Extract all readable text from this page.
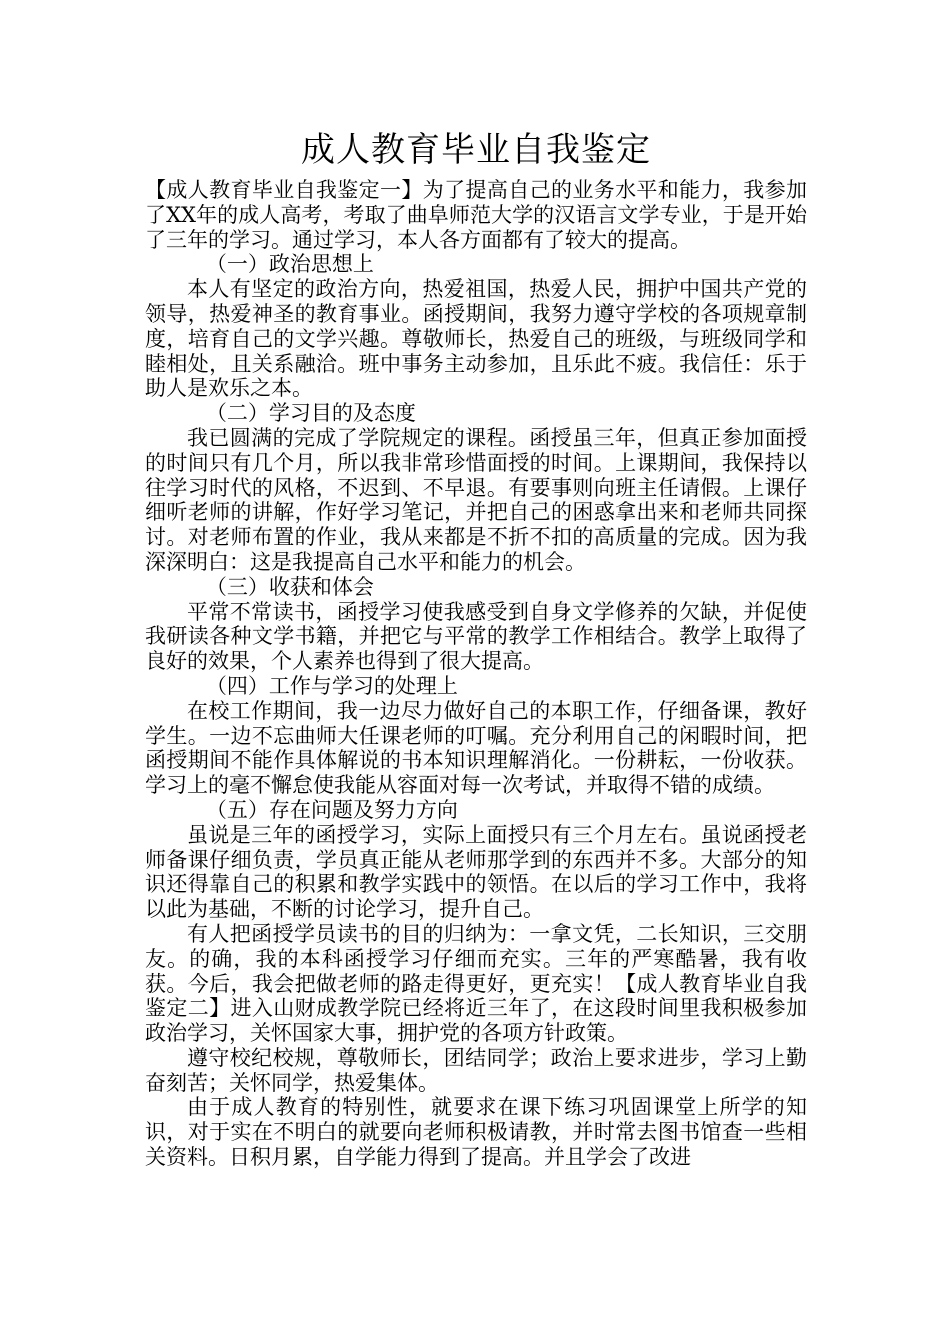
成人教育毕业自我鉴定

【成人教育毕业自我鉴定一】为了提高自己的业务水平和能力，我参加了XX年的成人高考，考取了曲阜师范大学的汉语言文学专业，于是开始了三年的学习。通过学习，本人各方面都有了较大的提高。

（一）政治思想上

本人有坚定的政治方向，热爱祖国，热爱人民，拥护中国共产党的领导，热爱神圣的教育事业。函授期间，我努力遵守学校的各项规章制度，培育自己的文学兴趣。尊敬师长，热爱自己的班级，与班级同学和睦相处，且关系融洽。班中事务主动参加，且乐此不疲。我信任：乐于助人是欢乐之本。

（二）学习目的及态度

我已圆满的完成了学院规定的课程。函授虽三年，但真正参加面授的时间只有几个月，所以我非常珍惜面授的时间。上课期间，我保持以往学习时代的风格，不迟到、不早退。有要事则向班主任请假。上课仔细听老师的讲解，作好学习笔记，并把自己的困惑拿出来和老师共同探讨。对老师布置的作业，我从来都是不折不扣的高质量的完成。因为我深深明白：这是我提高自己水平和能力的机会。

（三）收获和体会

平常不常读书，函授学习使我感受到自身文学修养的欠缺，并促使我研读各种文学书籍，并把它与平常的教学工作相结合。教学上取得了良好的效果，个人素养也得到了很大提高。

（四）工作与学习的处理上

在校工作期间，我一边尽力做好自己的本职工作，仔细备课，教好学生。一边不忘曲师大任课老师的叮嘱。充分利用自己的闲暇时间，把函授期间不能作具体解说的书本知识理解消化。一份耕耘，一份收获。学习上的毫不懈怠使我能从容面对每一次考试，并取得不错的成绩。

（五）存在问题及努力方向

虽说是三年的函授学习，实际上面授只有三个月左右。虽说函授老师备课仔细负责，学员真正能从老师那学到的东西并不多。大部分的知识还得靠自己的积累和教学实践中的领悟。在以后的学习工作中，我将以此为基础，不断的讨论学习，提升自己。

有人把函授学员读书的目的归纳为：一拿文凭，二长知识，三交朋友。的确，我的本科函授学习仔细而充实。三年的严寒酷暑，我有收获。今后，我会把做老师的路走得更好，更充实！【成人教育毕业自我鉴定二】进入山财成教学院已经将近三年了，在这段时间里我积极参加政治学习，关怀国家大事，拥护党的各项方针政策。

遵守校纪校规，尊敬师长，团结同学；政治上要求进步，学习上勤奋刻苦；关怀同学，热爱集体。

由于成人教育的特别性，就要求在课下练习巩固课堂上所学的知识，对于实在不明白的就要向老师积极请教，并时常去图书馆查一些相关资料。日积月累，自学能力得到了提高。并且学会了改进
